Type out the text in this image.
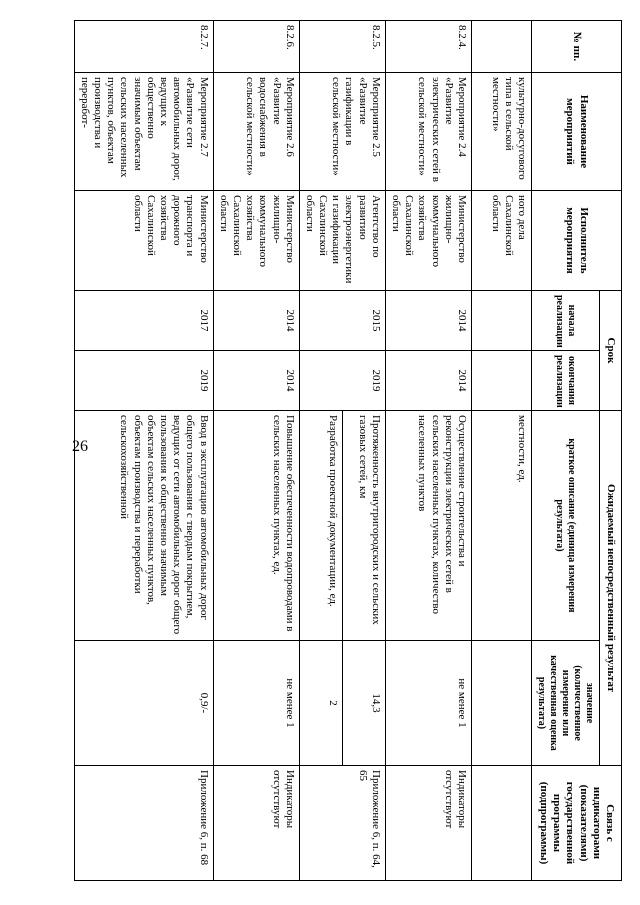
26
№ пп.	Наименование мероприятий	Исполнитель мероприятия	Срок		Ожидаемый непосредственный результат		Связь с индикаторами (показателями) государственной программы (подпрограммы)
			начала реализации	окончания реализации	краткое описание (единица измерения результата)	значение (количественное измерение или качественная оценка результата)	
	культурно-досугового типа в сельской местности»	ного дела Сахалинской области			местности, ед.		
8.2.4.	Мероприятие 2.4 «Развитие электрических сетей в сельской местности»	Министерство жилищно-коммунального хозяйства Сахалинской области	2014	2014	Осуществление строительства и реконструкции электрических сетей в сельских населенных пунктах, количество населенных пунктов	не менее 1	Индикаторы отсутствуют
8.2.5.	Мероприятие 2.5 «Развитие газификации в сельской местности»	Агентство по развитию электроэнергетики и газификации Сахалинской области	2015	2019	Протяженность внутригородских и сельских газовых сетей, км	14,3	Приложение 6, п. 64, 65
					Разработка проектной документации, ед.	2	
8.2.6.	Мероприятие 2.6 «Развитие водоснабжения в сельской местности»	Министерство жилищно-коммунального хозяйства Сахалинской области	2014	2014	Повышение обеспеченности водопроводами в сельских населенных пунктах, ед.	не менее 1	Индикаторы отсутствуют
8.2.7.	Мероприятие 2.7 «Развитие сети автомобильных дорог, ведущих к общественно значимым объектам сельских населенных пунктов, объектам производства и переработ-	Министерство транспорта и дорожного хозяйства Сахалинской области	2017	2019	Ввод в эксплуатацию автомобильных дорог общего пользования с твердым покрытием, ведущих от сети автомобильных дорог общего пользования к общественно значимым объектам сельских населенных пунктов, объектам производства и переработки сельскохозяйственной	0,9/-	Приложение 6, п. 68
